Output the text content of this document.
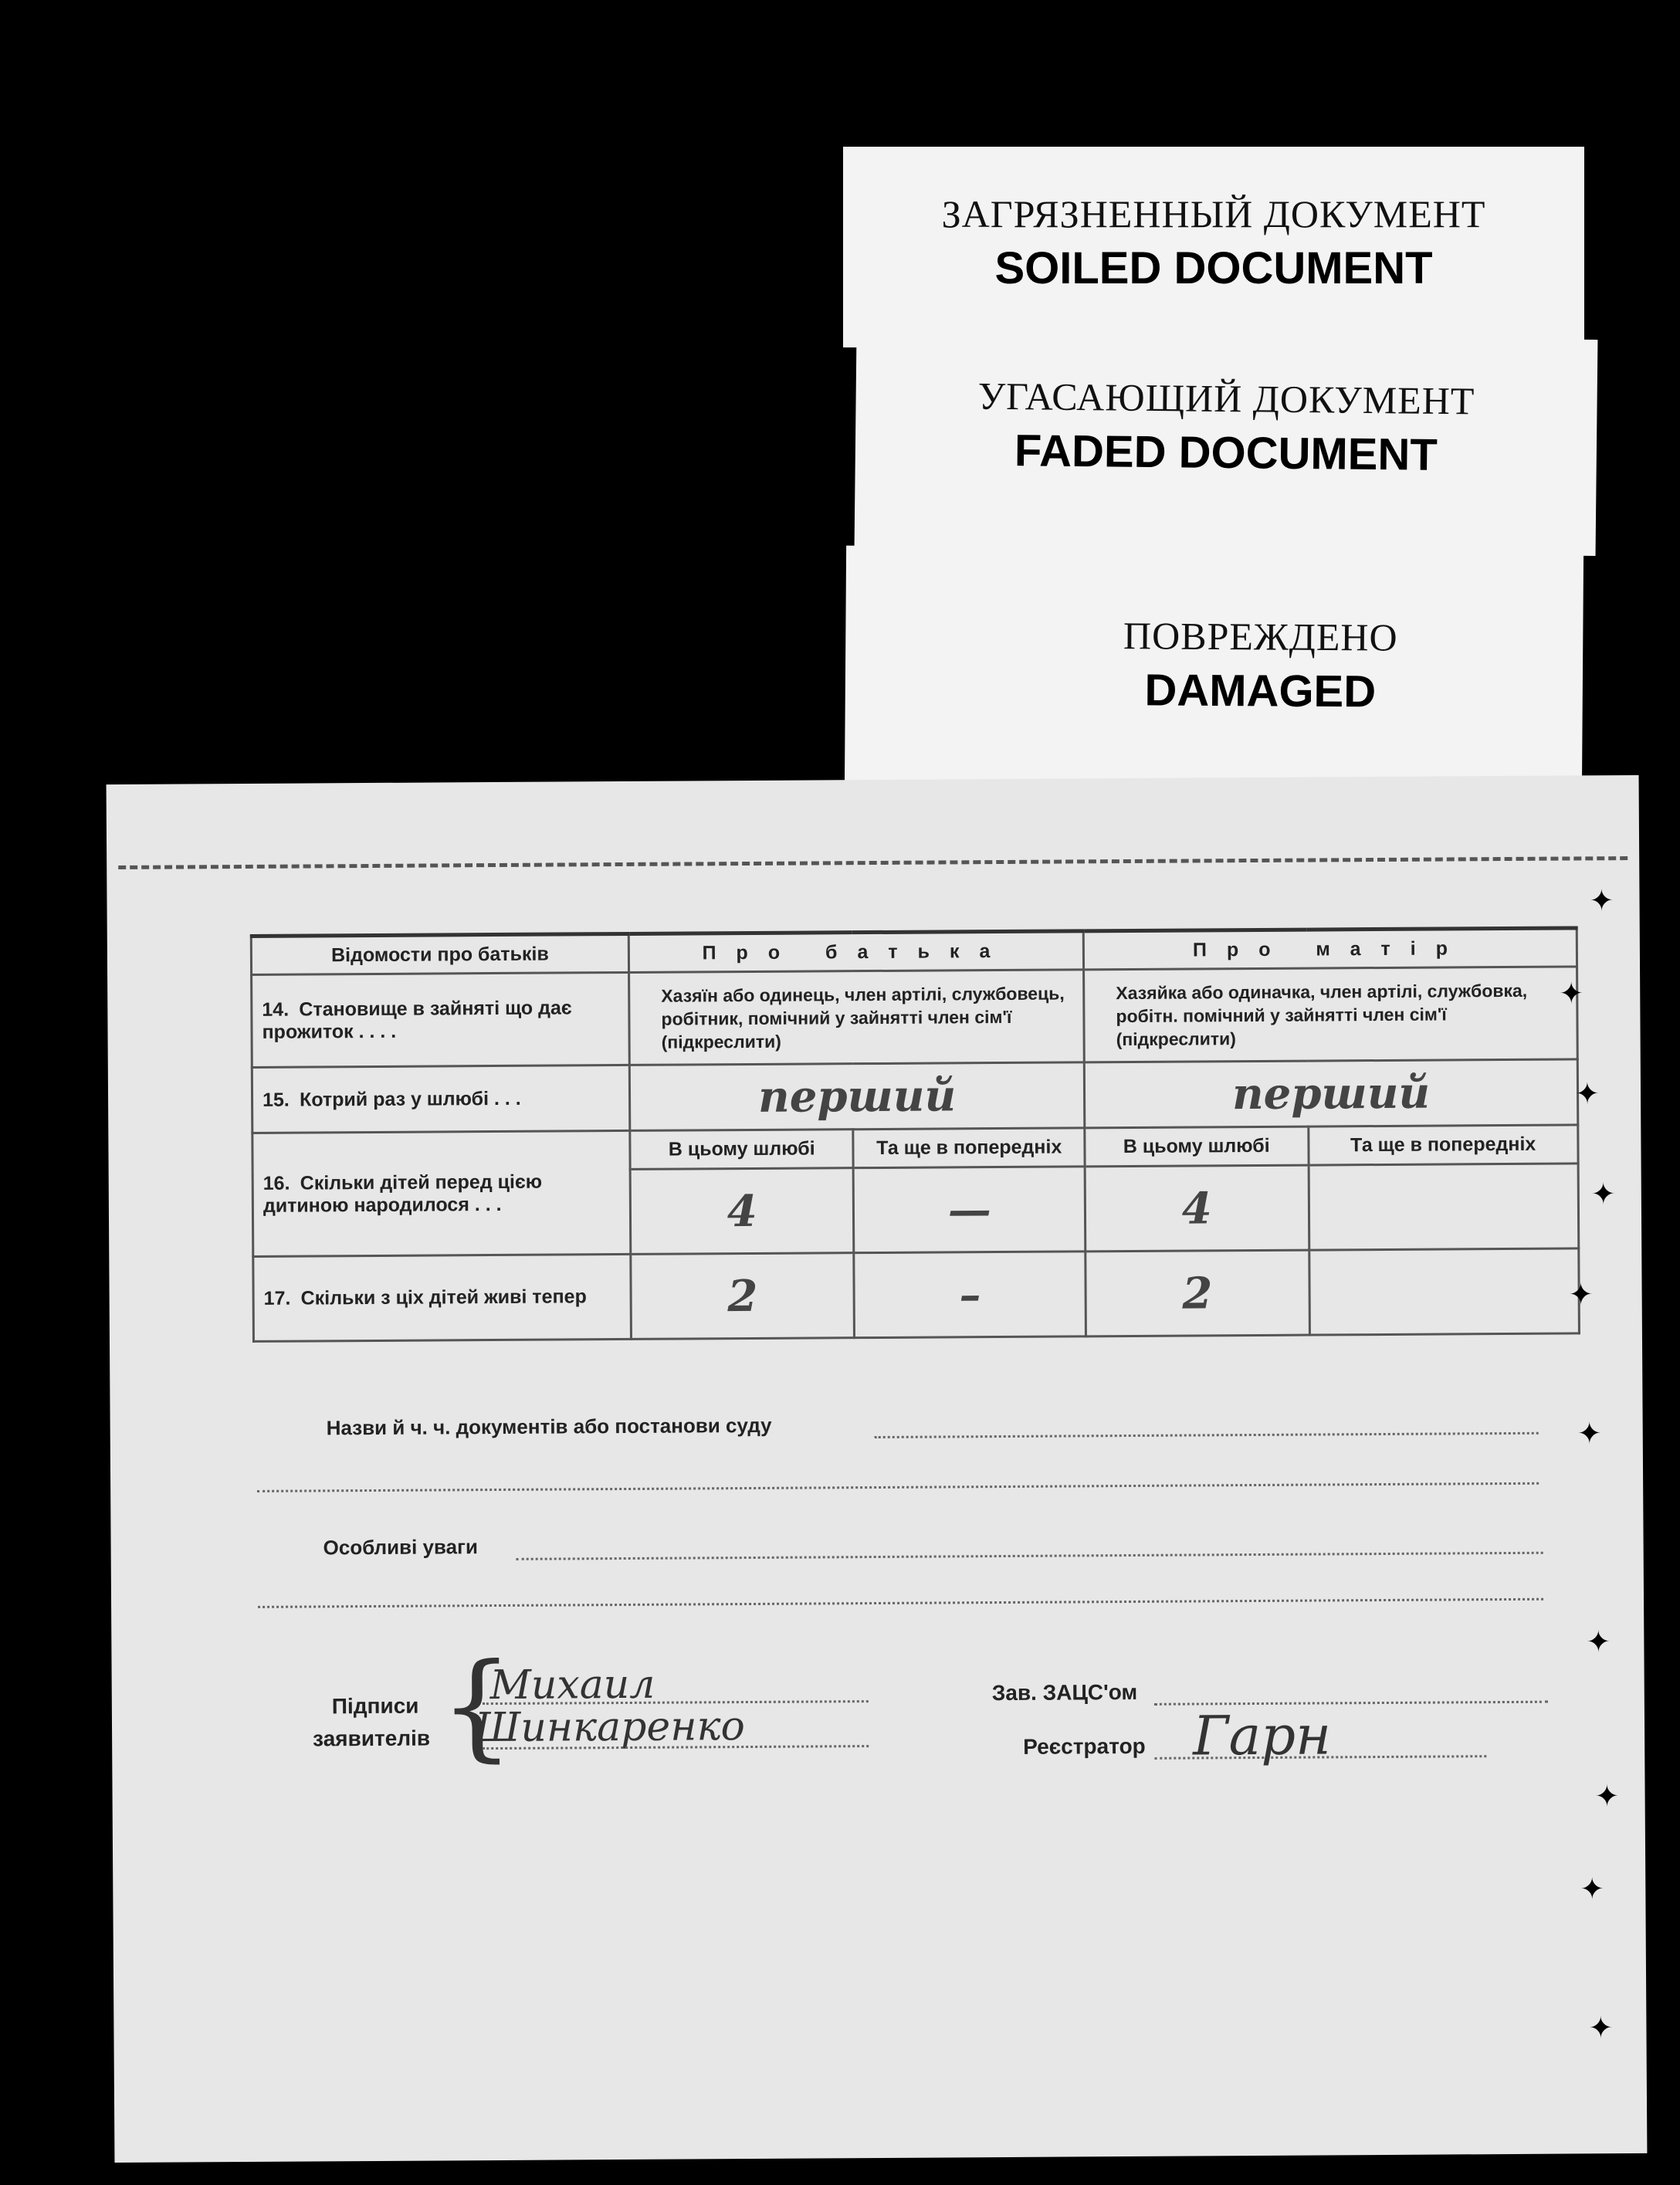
ЗАГРЯЗНЕННЫЙ ДОКУМЕНТ
SOILED DOCUMENT
УГАСАЮЩИЙ ДОКУМЕНТ
FADED DOCUMENT
ПОВРЕЖДЕНО
DAMAGED
Відомости про батьків	Про батька		Про матір	
14. Становище в зайняті що дає прожиток . . . .	Хазяїн або одинець, член артілі, службовець, робітник, помічний у зайнятті член сім'ї (підкреслити)		Хазяйка або одиначка, член артілі, службовка, робітн. помічний у зайнятті член сім'ї (підкреслити)	
15. Котрий раз у шлюбі . . .	перший		перший	
16. Скільки дітей перед цією дитиною народилося . . .	В цьому шлюбі	Та ще в попередніх	В цьому шлюбі	Та ще в попередніх
	4	—	4	
17. Скільки з ціх дітей живі тепер	2	–	2	
Назви й ч. ч. документів або постанови суду
Особливі уваги
Підписи
заявителів {
Михаил
Шинкаренко
Зав. ЗАЦС'ом
Реєстратор Гарн
✦
✦
✦
✦
✦
✦
✦
✦
✦
✦
